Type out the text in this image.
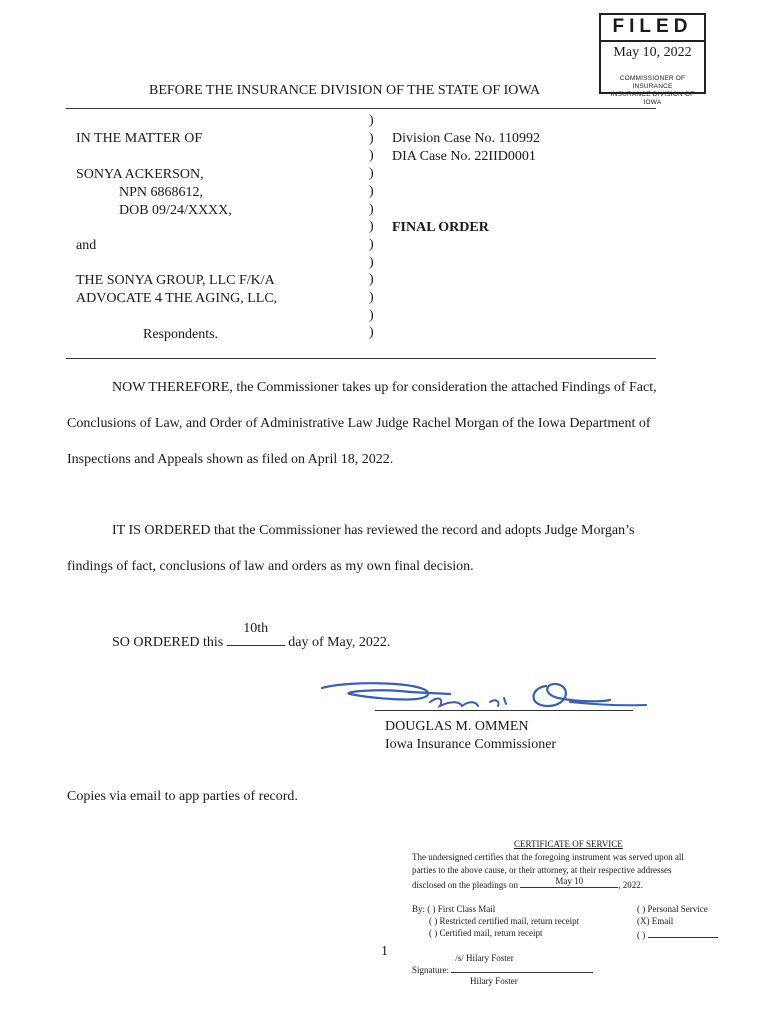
FILED
May 10, 2022
COMMISSIONER OF INSURANCE
INSURANCE DIVISION OF IOWA
BEFORE THE INSURANCE DIVISION OF THE STATE OF IOWA
IN THE MATTER OF
SONYA ACKERSON,
NPN 6868612,
DOB 09/24/XXXX,
and
THE SONYA GROUP, LLC F/K/A
ADVOCATE 4 THE AGING, LLC,
Respondents.
)
)
)
)
)
)
)
)
)
)
)
)
)
Division Case No. 110992
DIA Case No. 22IID0001
FINAL ORDER
NOW THEREFORE, the Commissioner takes up for consideration the attached Findings of Fact,
Conclusions of Law, and Order of Administrative Law Judge Rachel Morgan of the Iowa Department of
Inspections and Appeals shown as filed on April 18, 2022.
IT IS ORDERED that the Commissioner has reviewed the record and adopts Judge Morgan’s
findings of fact, conclusions of law and orders as my own final decision.
SO ORDERED this
10th
day of May, 2022.
DOUGLAS M. OMMEN
Iowa Insurance Commissioner
Copies via email to app parties of record.
CERTIFICATE OF SERVICE
The undersigned certifies that the foregoing instrument was served upon all
parties to the above cause, or their attorney, at their respective addresses
disclosed on the pleadings on	May 10	, 2022.
By: ( ) First Class Mail
( ) Restricted certified mail, return receipt
( ) Certified mail, return receipt
( ) Personal Service
(X) Email
( )
Signature:
/s/ Hilary Foster
Hilary Foster
1
